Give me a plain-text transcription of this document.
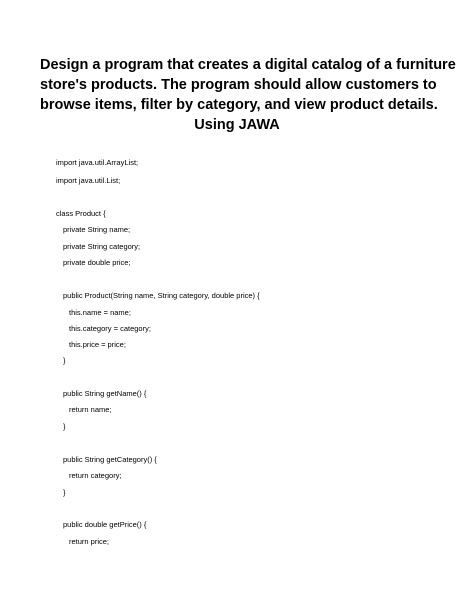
Design a program that creates a digital catalog of a furniture
store's products. The program should allow customers to
browse items, filter by category, and view product details.
Using JAWA
import java.util.ArrayList;
import java.util.List;
class Product {
private String name;
private String category;
private double price;
public Product(String name, String category, double price) {
this.name = name;
this.category = category;
this.price = price;
}
public String getName() {
return name;
}
public String getCategory() {
return category;
}
public double getPrice() {
return price;
